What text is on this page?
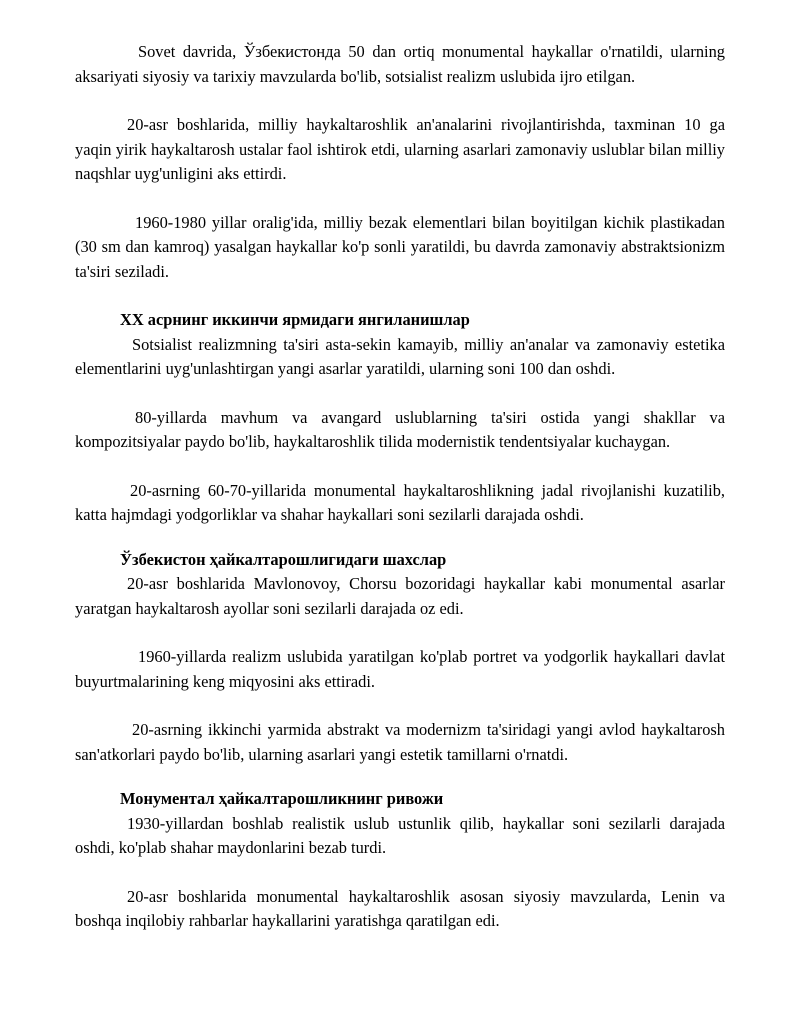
Sovet davrida, Ўзбекистонда 50 dan ortiq monumental haykallar o'rnatildi, ularning aksariyati siyosiy va tarixiy mavzularda bo'lib, sotsialist realizm uslubida ijro etilgan.

20-asr boshlarida, milliy haykaltaroshlik an'analarini rivojlantirishda, taxminan 10 ga yaqin yirik haykaltarosh ustalar faol ishtirok etdi, ularning asarlari zamonaviy uslublar bilan milliy naqshlar uyg'unligini aks ettirdi.

1960-1980 yillar oralig'ida, milliy bezak elementlari bilan boyitilgan kichik plastikadan (30 sm dan kamroq) yasalgan haykallar ko'p sonli yaratildi, bu davrda zamonaviy abstraktsionizm ta'siri seziladi.

XX асрнинг иккинчи ярмидаги янгиланишлар

Sotsialist realizmning ta'siri asta-sekin kamayib, milliy an'analar va zamonaviy estetika elementlarini uyg'unlashtirgan yangi asarlar yaratildi, ularning soni 100 dan oshdi.

80-yillarda mavhum va avangard uslublarning ta'siri ostida yangi shakllar va kompozitsiyalar paydo bo'lib, haykaltaroshlik tilida modernistik tendentsiyalar kuchaygan.

20-asrning 60-70-yillarida monumental haykaltaroshlikning jadal rivojlanishi kuzatilib, katta hajmdagi yodgorliklar va shahar haykallari soni sezilarli darajada oshdi.

Ўзбекистон ҳайкалтарошлигидаги шахслар

20-asr boshlarida Mavlonovoy, Chorsu bozoridagi haykallar kabi monumental asarlar yaratgan haykaltarosh ayollar soni sezilarli darajada oz edi.

1960-yillarda realizm uslubida yaratilgan ko'plab portret va yodgorlik haykallari davlat buyurtmalarining keng miqyosini aks ettiradi.

20-asrning ikkinchi yarmida abstrakt va modernizm ta'siridagi yangi avlod haykaltarosh san'atkorlari paydo bo'lib, ularning asarlari yangi estetik tamillarni o'rnatdi.

Монументал ҳайкалтарошликнинг ривожи

1930-yillardan boshlab realistik uslub ustunlik qilib, haykallar soni sezilarli darajada oshdi, ko'plab shahar maydonlarini bezab turdi.

20-asr boshlarida monumental haykaltaroshlik asosan siyosiy mavzularda, Lenin va boshqa inqilobiy rahbarlar haykallarini yaratishga qaratilgan edi.
